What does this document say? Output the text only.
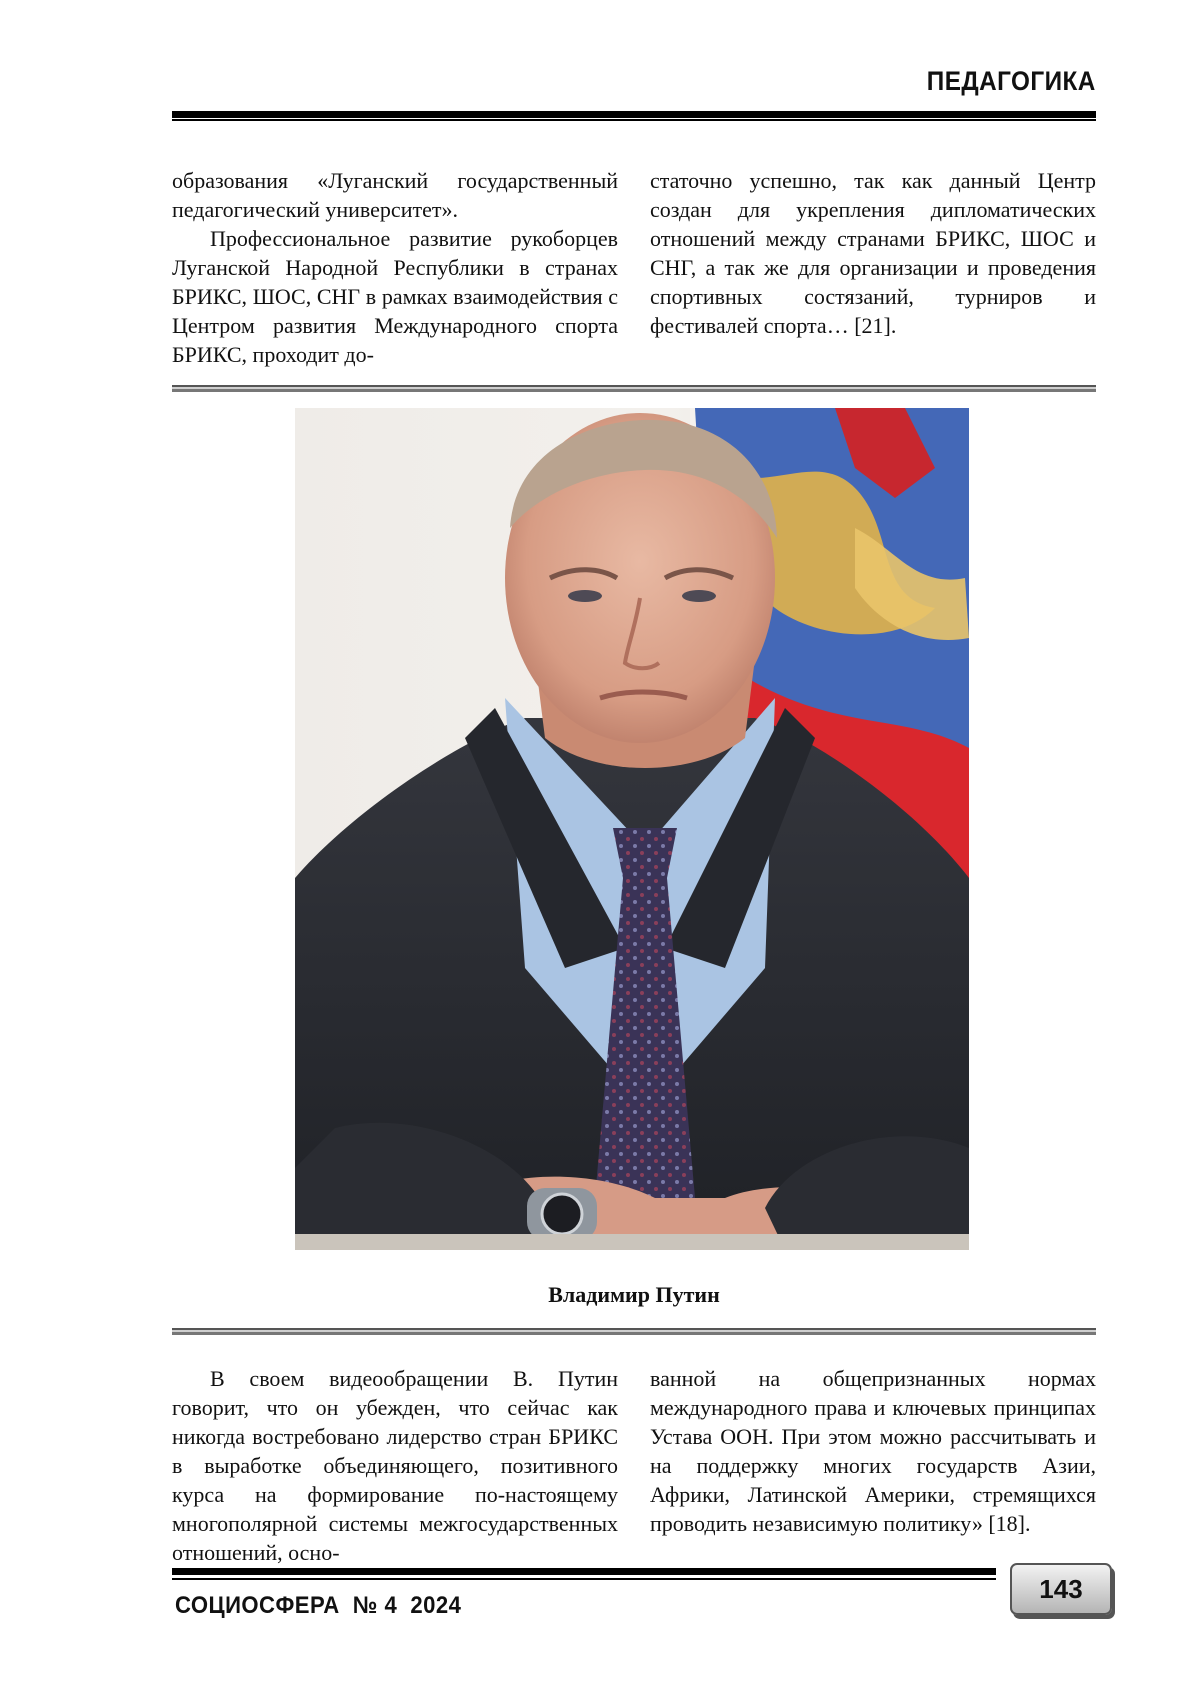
ПЕДАГОГИКА

образования «Луганский государственный педагогический университет».

Профессиональное развитие рукоборцев Луганской Народной Республики в странах БРИКС, ШОС, СНГ в рамках взаимодействия с Центром развития Международного спорта БРИКС, проходит до-

статочно успешно, так как данный Центр создан для укрепления дипломатических отношений между странами БРИКС, ШОС и СНГ, а так же для организации и проведения спортивных состязаний, турниров и фестивалей спорта… [21].

Владимир Путин

В своем видеообращении В. Путин говорит, что он убежден, что сейчас как никогда востребовано лидерство стран БРИКС в выработке объединяющего, позитивного курса на формирование по-настоящему многополярной системы межгосударственных отношений, осно-

ванной на общепризнанных нормах международного права и ключевых принципах Устава ООН. При этом можно рассчитывать и на поддержку многих государств Азии, Африки, Латинской Америки, стремящихся проводить независимую политику» [18].

СОЦИОСФЕРА  № 4  2024
143
